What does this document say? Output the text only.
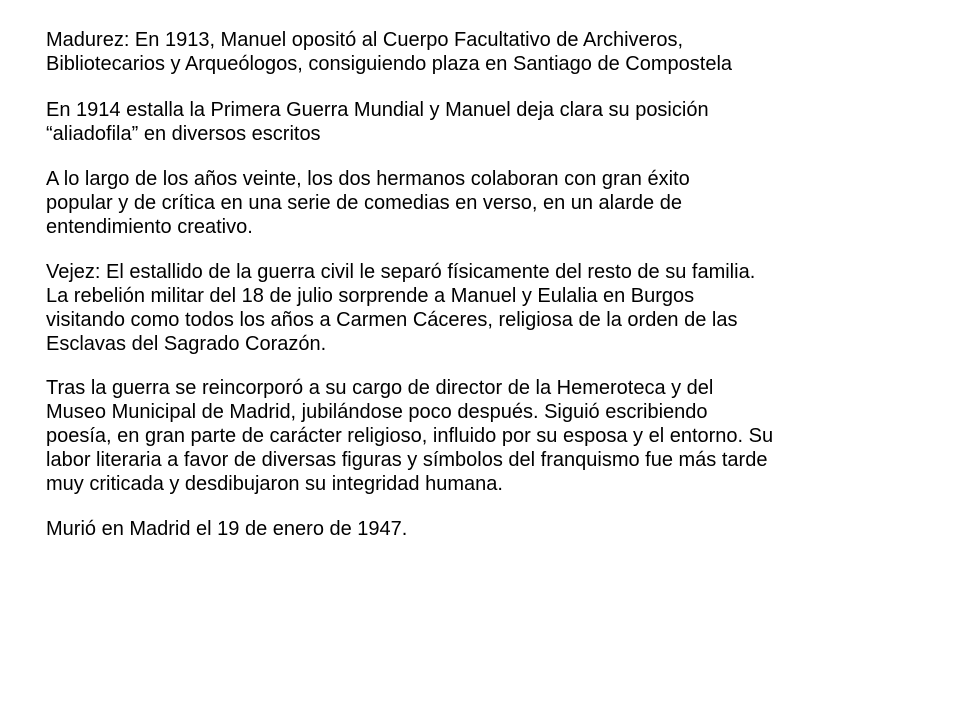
Madurez: En 1913, Manuel opositó al Cuerpo Facultativo de Archiveros,
Bibliotecarios y Arqueólogos, consiguiendo plaza en Santiago de Compostela

En 1914 estalla la Primera Guerra Mundial y Manuel deja clara su posición
“aliadofila” en diversos escritos

A lo largo de los años veinte, los dos hermanos colaboran con gran éxito
popular y de crítica en una serie de comedias en verso, en un alarde de
entendimiento creativo.

Vejez: El estallido de la guerra civil le separó físicamente del resto de su familia.
La rebelión militar del 18 de julio sorprende a Manuel y Eulalia en Burgos
visitando como todos los años a Carmen Cáceres, religiosa de la orden de las
Esclavas del Sagrado Corazón.

Tras la guerra se reincorporó a su cargo de director de la Hemeroteca y del
Museo Municipal de Madrid, jubilándose poco después. Siguió escribiendo
poesía, en gran parte de carácter religioso, influido por su esposa y el entorno. Su
labor literaria a favor de diversas figuras y símbolos del franquismo fue más tarde
muy criticada y desdibujaron su integridad humana.

Murió en Madrid el 19 de enero de 1947.
